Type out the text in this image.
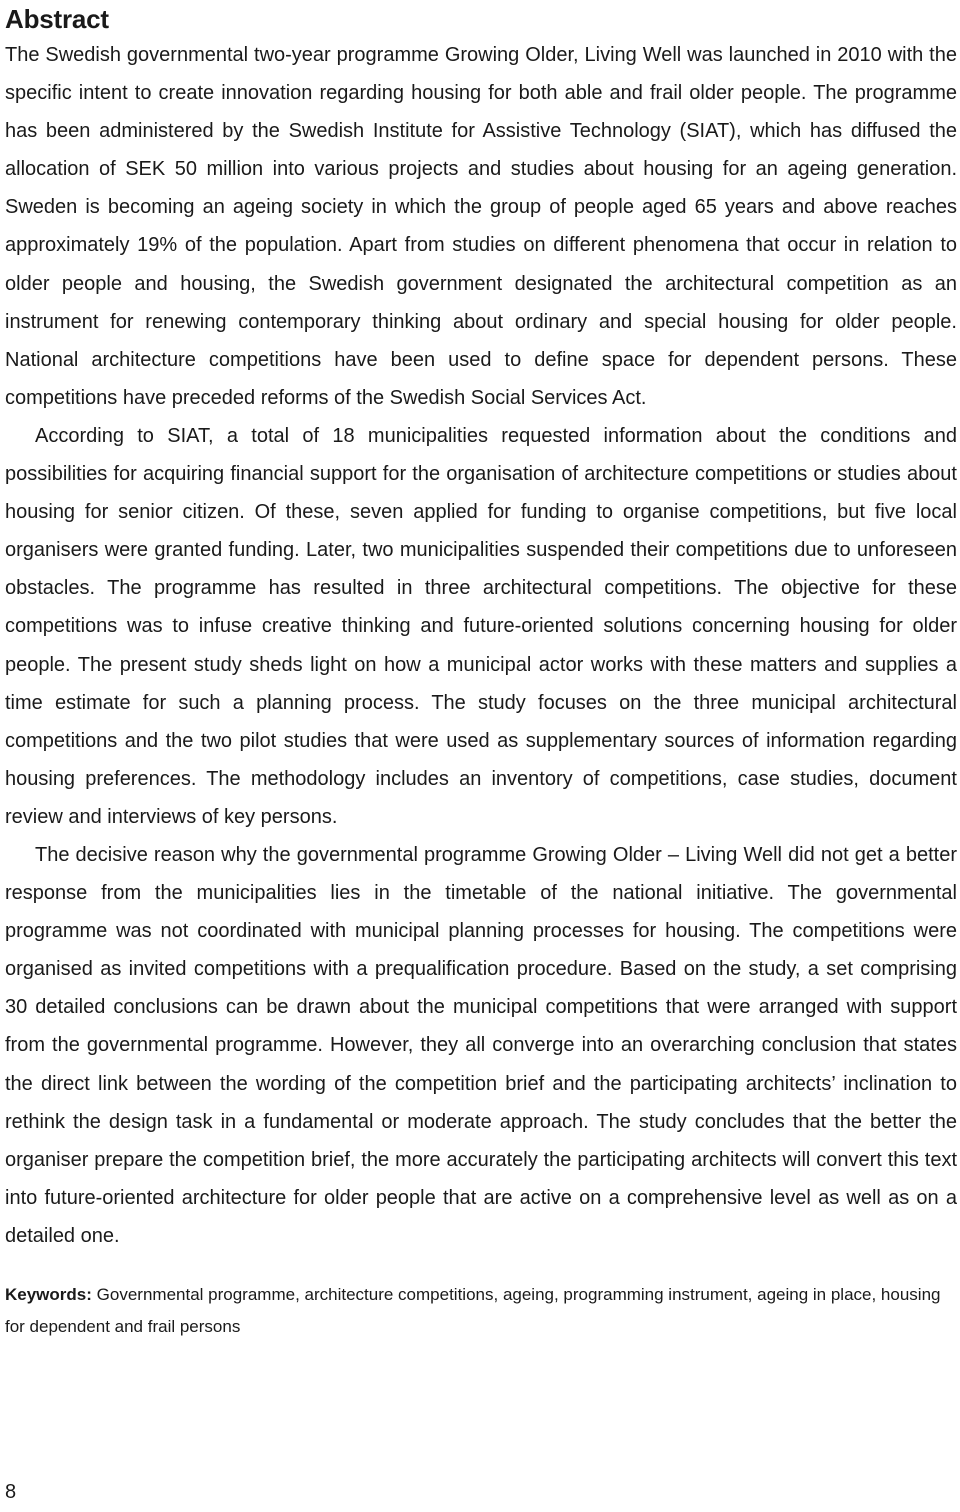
Abstract

The Swedish governmental two-year programme Growing Older, Living Well was launched in 2010 with the specific intent to create innovation regarding housing for both able and frail older people. The programme has been administered by the Swedish Institute for Assistive Technology (SIAT), which has diffused the allocation of SEK 50 million into various projects and studies about housing for an ageing generation. Sweden is becoming an ageing society in which the group of people aged 65 years and above reaches approximately 19% of the population. Apart from studies on different phenomena that occur in relation to older people and housing, the Swedish government designated the architectural competition as an instrument for renewing contemporary thinking about ordinary and special housing for older people. National architecture competitions have been used to define space for dependent persons. These competitions have preceded reforms of the Swedish Social Services Act.

According to SIAT, a total of 18 municipalities requested information about the conditions and possibilities for acquiring financial support for the organisation of architecture competitions or studies about housing for senior citizen. Of these, seven applied for funding to organise competitions, but five local organisers were granted funding. Later, two municipalities suspended their competitions due to unforeseen obstacles. The programme has resulted in three architectural competitions. The objective for these competitions was to infuse creative thinking and future-oriented solutions concerning housing for older people. The present study sheds light on how a municipal actor works with these matters and supplies a time estimate for such a planning process. The study focuses on the three municipal architectural competitions and the two pilot studies that were used as supplementary sources of information regarding housing preferences. The methodology includes an inventory of competitions, case studies, document review and interviews of key persons.

The decisive reason why the governmental programme Growing Older – Living Well did not get a better response from the municipalities lies in the timetable of the national initiative. The governmental programme was not coordinated with municipal planning processes for housing. The competitions were organised as invited competitions with a prequalification procedure. Based on the study, a set comprising 30 detailed conclusions can be drawn about the municipal competitions that were arranged with support from the governmental programme. However, they all converge into an overarching conclusion that states the direct link between the wording of the competition brief and the participating architects’ inclination to rethink the design task in a fundamental or moderate approach. The study concludes that the better the organiser prepare the competition brief, the more accurately the participating architects will convert this text into future-oriented architecture for older people that are active on a comprehensive level as well as on a detailed one.

Keywords: Governmental programme, architecture competitions, ageing, programming instrument, ageing in place, housing for dependent and frail persons
8
